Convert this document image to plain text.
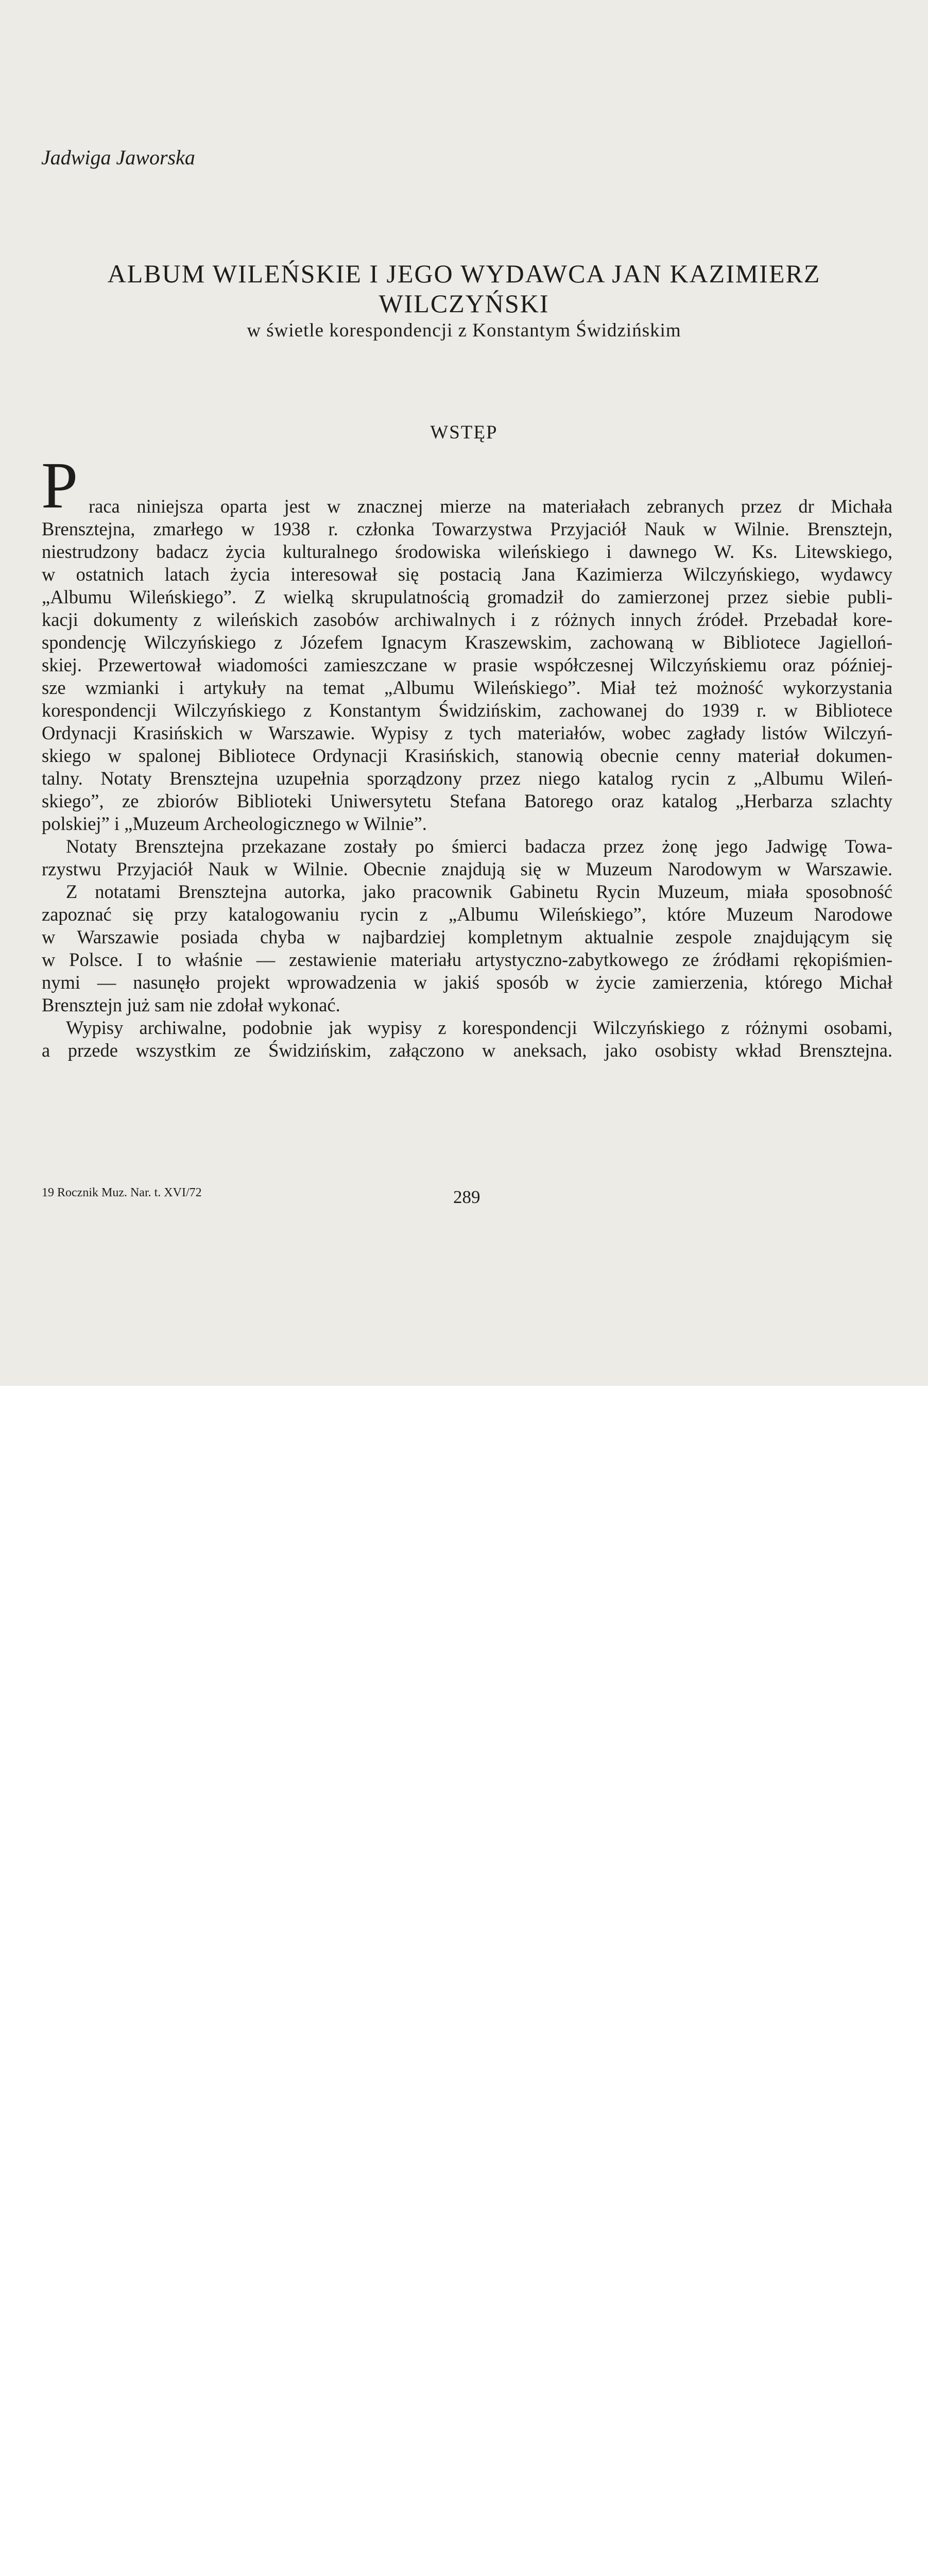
Jadwiga Jaworska
ALBUM WILEŃSKIE I JEGO WYDAWCA JAN KAZIMIERZ
WILCZYŃSKI
w świetle korespondencji z Konstantym Świdzińskim
WSTĘP
P raca niniejsza oparta jest w znacznej mierze na materiałach zebranych przez dr Michała
Brensztejna, zmarłego w 1938 r. członka Towarzystwa Przyjaciół Nauk w Wilnie. Brensztejn,
niestrudzony badacz życia kulturalnego środowiska wileńskiego i dawnego W. Ks. Litewskiego,
w ostatnich latach życia interesował się postacią Jana Kazimierza Wilczyńskiego, wydawcy
„Albumu Wileńskiego”. Z wielką skrupulatnością gromadził do zamierzonej przez siebie publi-
kacji dokumenty z wileńskich zasobów archiwalnych i z różnych innych źródeł. Przebadał kore-
spondencję Wilczyńskiego z Józefem Ignacym Kraszewskim, zachowaną w Bibliotece Jagielloń-
skiej. Przewertował wiadomości zamieszczane w prasie współczesnej Wilczyńskiemu oraz później-
sze wzmianki i artykuły na temat „Albumu Wileńskiego”. Miał też możność wykorzystania
korespondencji Wilczyńskiego z Konstantym Świdzińskim, zachowanej do 1939 r. w Bibliotece
Ordynacji Krasińskich w Warszawie. Wypisy z tych materiałów, wobec zagłady listów Wilczyń-
skiego w spalonej Bibliotece Ordynacji Krasińskich, stanowią obecnie cenny materiał dokumen-
talny. Notaty Brensztejna uzupełnia sporządzony przez niego katalog rycin z „Albumu Wileń-
skiego”, ze zbiorów Biblioteki Uniwersytetu Stefana Batorego oraz katalog „Herbarza szlachty
polskiej” i „Muzeum Archeologicznego w Wilnie”.
Notaty Brensztejna przekazane zostały po śmierci badacza przez żonę jego Jadwigę Towa-
rzystwu Przyjaciół Nauk w Wilnie. Obecnie znajdują się w Muzeum Narodowym w Warszawie.
Z notatami Brensztejna autorka, jako pracownik Gabinetu Rycin Muzeum, miała sposobność
zapoznać się przy katalogowaniu rycin z „Albumu Wileńskiego”, które Muzeum Narodowe
w Warszawie posiada chyba w najbardziej kompletnym aktualnie zespole znajdującym się
w Polsce. I to właśnie — zestawienie materiału artystyczno-zabytkowego ze źródłami rękopiśmien-
nymi — nasunęło projekt wprowadzenia w jakiś sposób w życie zamierzenia, którego Michał
Brensztejn już sam nie zdołał wykonać.
Wypisy archiwalne, podobnie jak wypisy z korespondencji Wilczyńskiego z różnymi osobami,
a przede wszystkim ze Świdzińskim, załączono w aneksach, jako osobisty wkład Brensztejna.
19 Rocznik Muz. Nar. t. XVI/72	289
